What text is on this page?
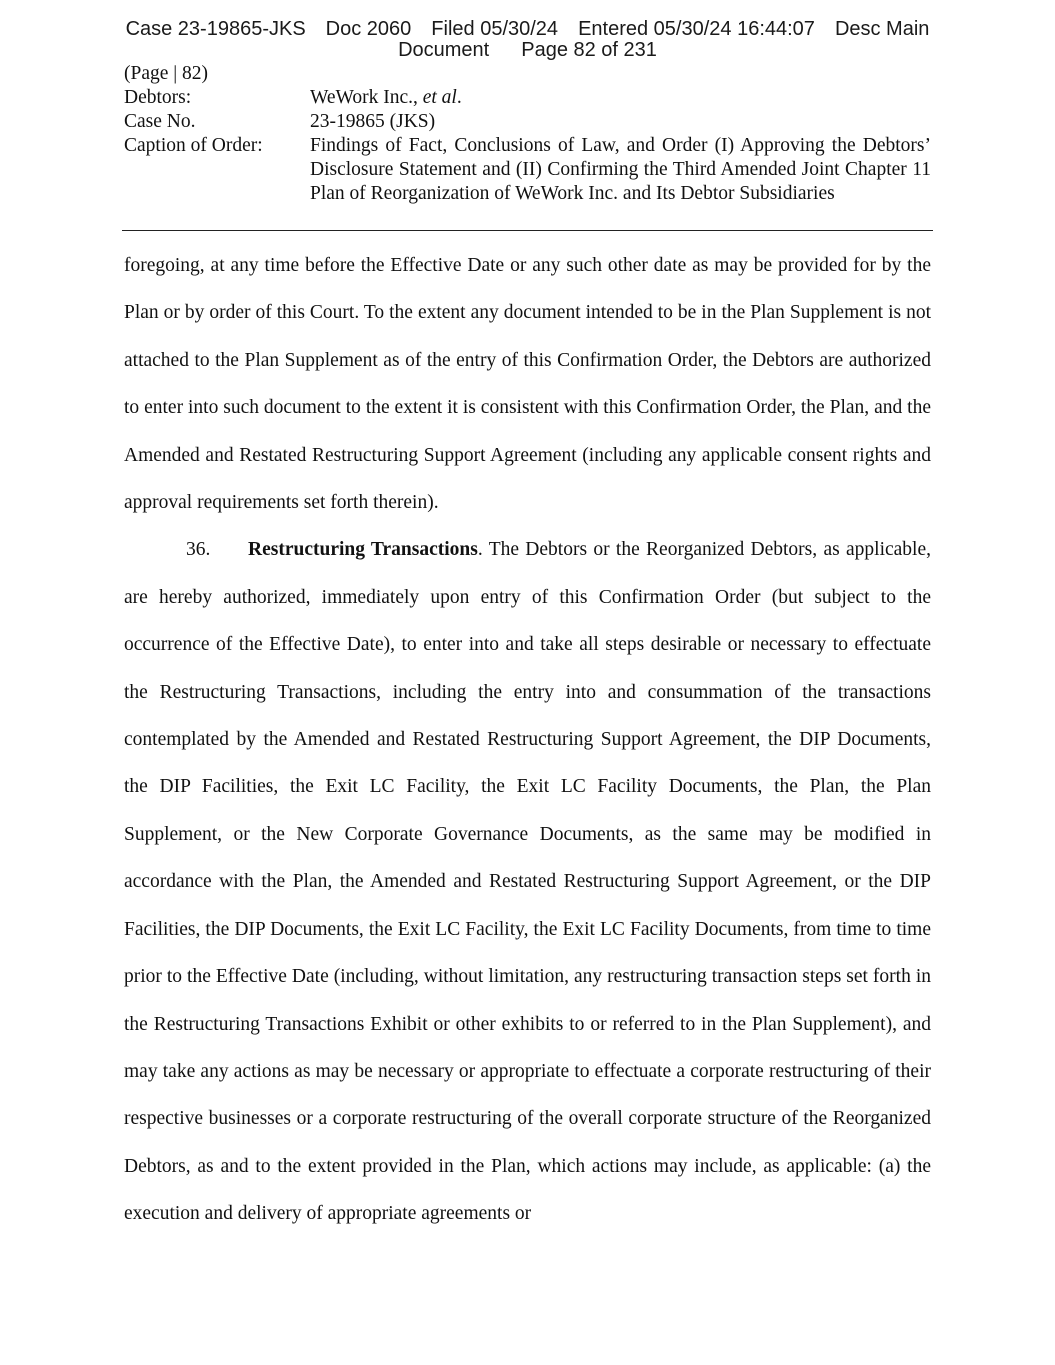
Case 23-19865-JKS Doc 2060 Filed 05/30/24 Entered 05/30/24 16:44:07 Desc Main
Document Page 82 of 231
(Page | 82)
Debtors:	WeWork Inc., et al.
Case No.	23-19865 (JKS)
Caption of Order:	Findings of Fact, Conclusions of Law, and Order (I) Approving the Debtors’ Disclosure Statement and (II) Confirming the Third Amended Joint Chapter 11 Plan of Reorganization of WeWork Inc. and Its Debtor Subsidiaries

foregoing, at any time before the Effective Date or any such other date as may be provided for by the Plan or by order of this Court. To the extent any document intended to be in the Plan Supplement is not attached to the Plan Supplement as of the entry of this Confirmation Order, the Debtors are authorized to enter into such document to the extent it is consistent with this Confirmation Order, the Plan, and the Amended and Restated Restructuring Support Agreement (including any applicable consent rights and approval requirements set forth therein).

36. Restructuring Transactions. The Debtors or the Reorganized Debtors, as applicable, are hereby authorized, immediately upon entry of this Confirmation Order (but subject to the occurrence of the Effective Date), to enter into and take all steps desirable or necessary to effectuate the Restructuring Transactions, including the entry into and consummation of the transactions contemplated by the Amended and Restated Restructuring Support Agreement, the DIP Documents, the DIP Facilities, the Exit LC Facility, the Exit LC Facility Documents, the Plan, the Plan Supplement, or the New Corporate Governance Documents, as the same may be modified in accordance with the Plan, the Amended and Restated Restructuring Support Agreement, or the DIP Facilities, the DIP Documents, the Exit LC Facility, the Exit LC Facility Documents, from time to time prior to the Effective Date (including, without limitation, any restructuring transaction steps set forth in the Restructuring Transactions Exhibit or other exhibits to or referred to in the Plan Supplement), and may take any actions as may be necessary or appropriate to effectuate a corporate restructuring of their respective businesses or a corporate restructuring of the overall corporate structure of the Reorganized Debtors, as and to the extent provided in the Plan, which actions may include, as applicable: (a) the execution and delivery of appropriate agreements or
